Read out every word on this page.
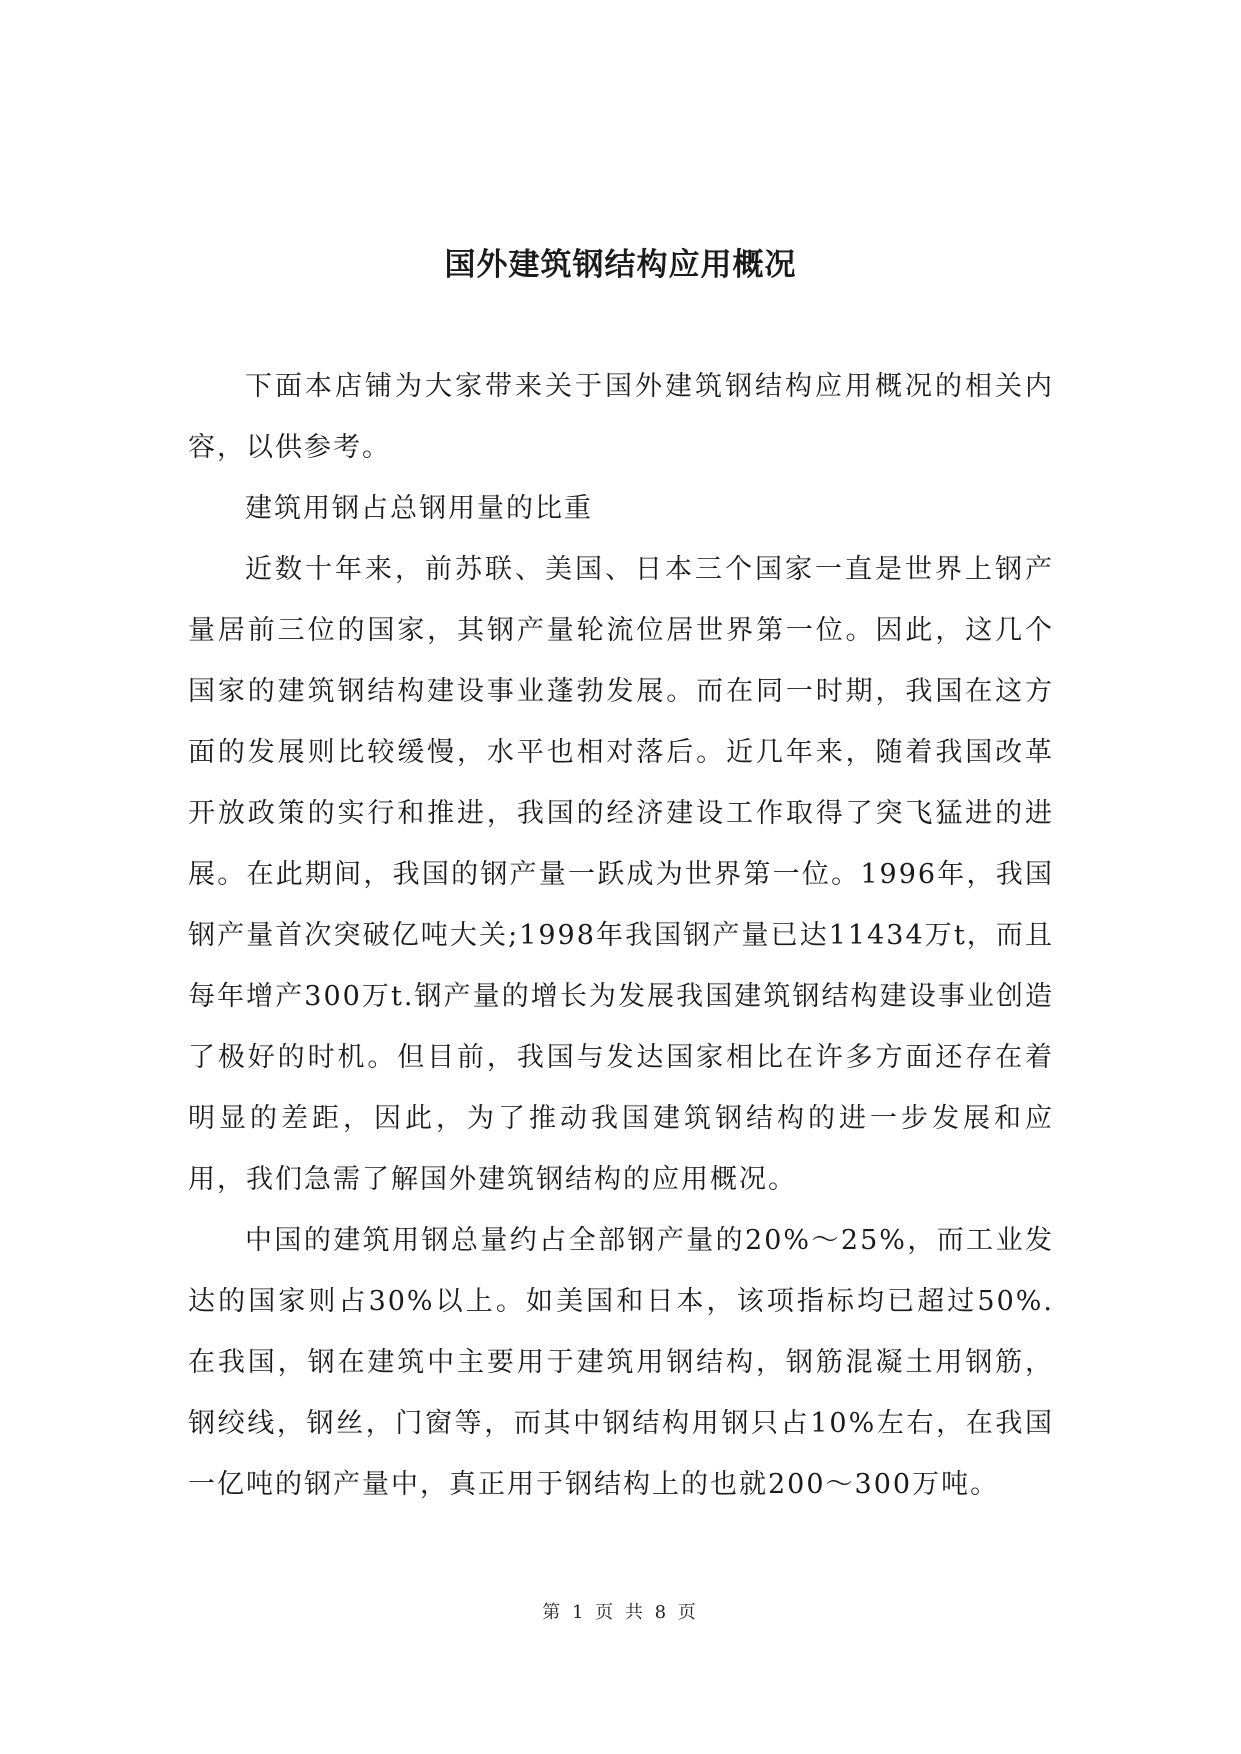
国外建筑钢结构应用概况

下面本店铺为大家带来关于国外建筑钢结构应用概况的相关内容，以供参考。

建筑用钢占总钢用量的比重

近数十年来，前苏联、美国、日本三个国家一直是世界上钢产量居前三位的国家，其钢产量轮流位居世界第一位。因此，这几个国家的建筑钢结构建设事业蓬勃发展。而在同一时期，我国在这方面的发展则比较缓慢，水平也相对落后。近几年来，随着我国改革开放政策的实行和推进，我国的经济建设工作取得了突飞猛进的进展。在此期间，我国的钢产量一跃成为世界第一位。1996年，我国钢产量首次突破亿吨大关;1998年我国钢产量已达11434万t，而且每年增产300万t.钢产量的增长为发展我国建筑钢结构建设事业创造了极好的时机。但目前，我国与发达国家相比在许多方面还存在着明显的差距，因此，为了推动我国建筑钢结构的进一步发展和应用，我们急需了解国外建筑钢结构的应用概况。

中国的建筑用钢总量约占全部钢产量的20%～25%，而工业发达的国家则占30%以上。如美国和日本，该项指标均已超过50%.在我国，钢在建筑中主要用于建筑用钢结构，钢筋混凝土用钢筋，钢绞线，钢丝，门窗等，而其中钢结构用钢只占10%左右，在我国一亿吨的钢产量中，真正用于钢结构上的也就200～300万吨。

第 1 页 共 8 页
